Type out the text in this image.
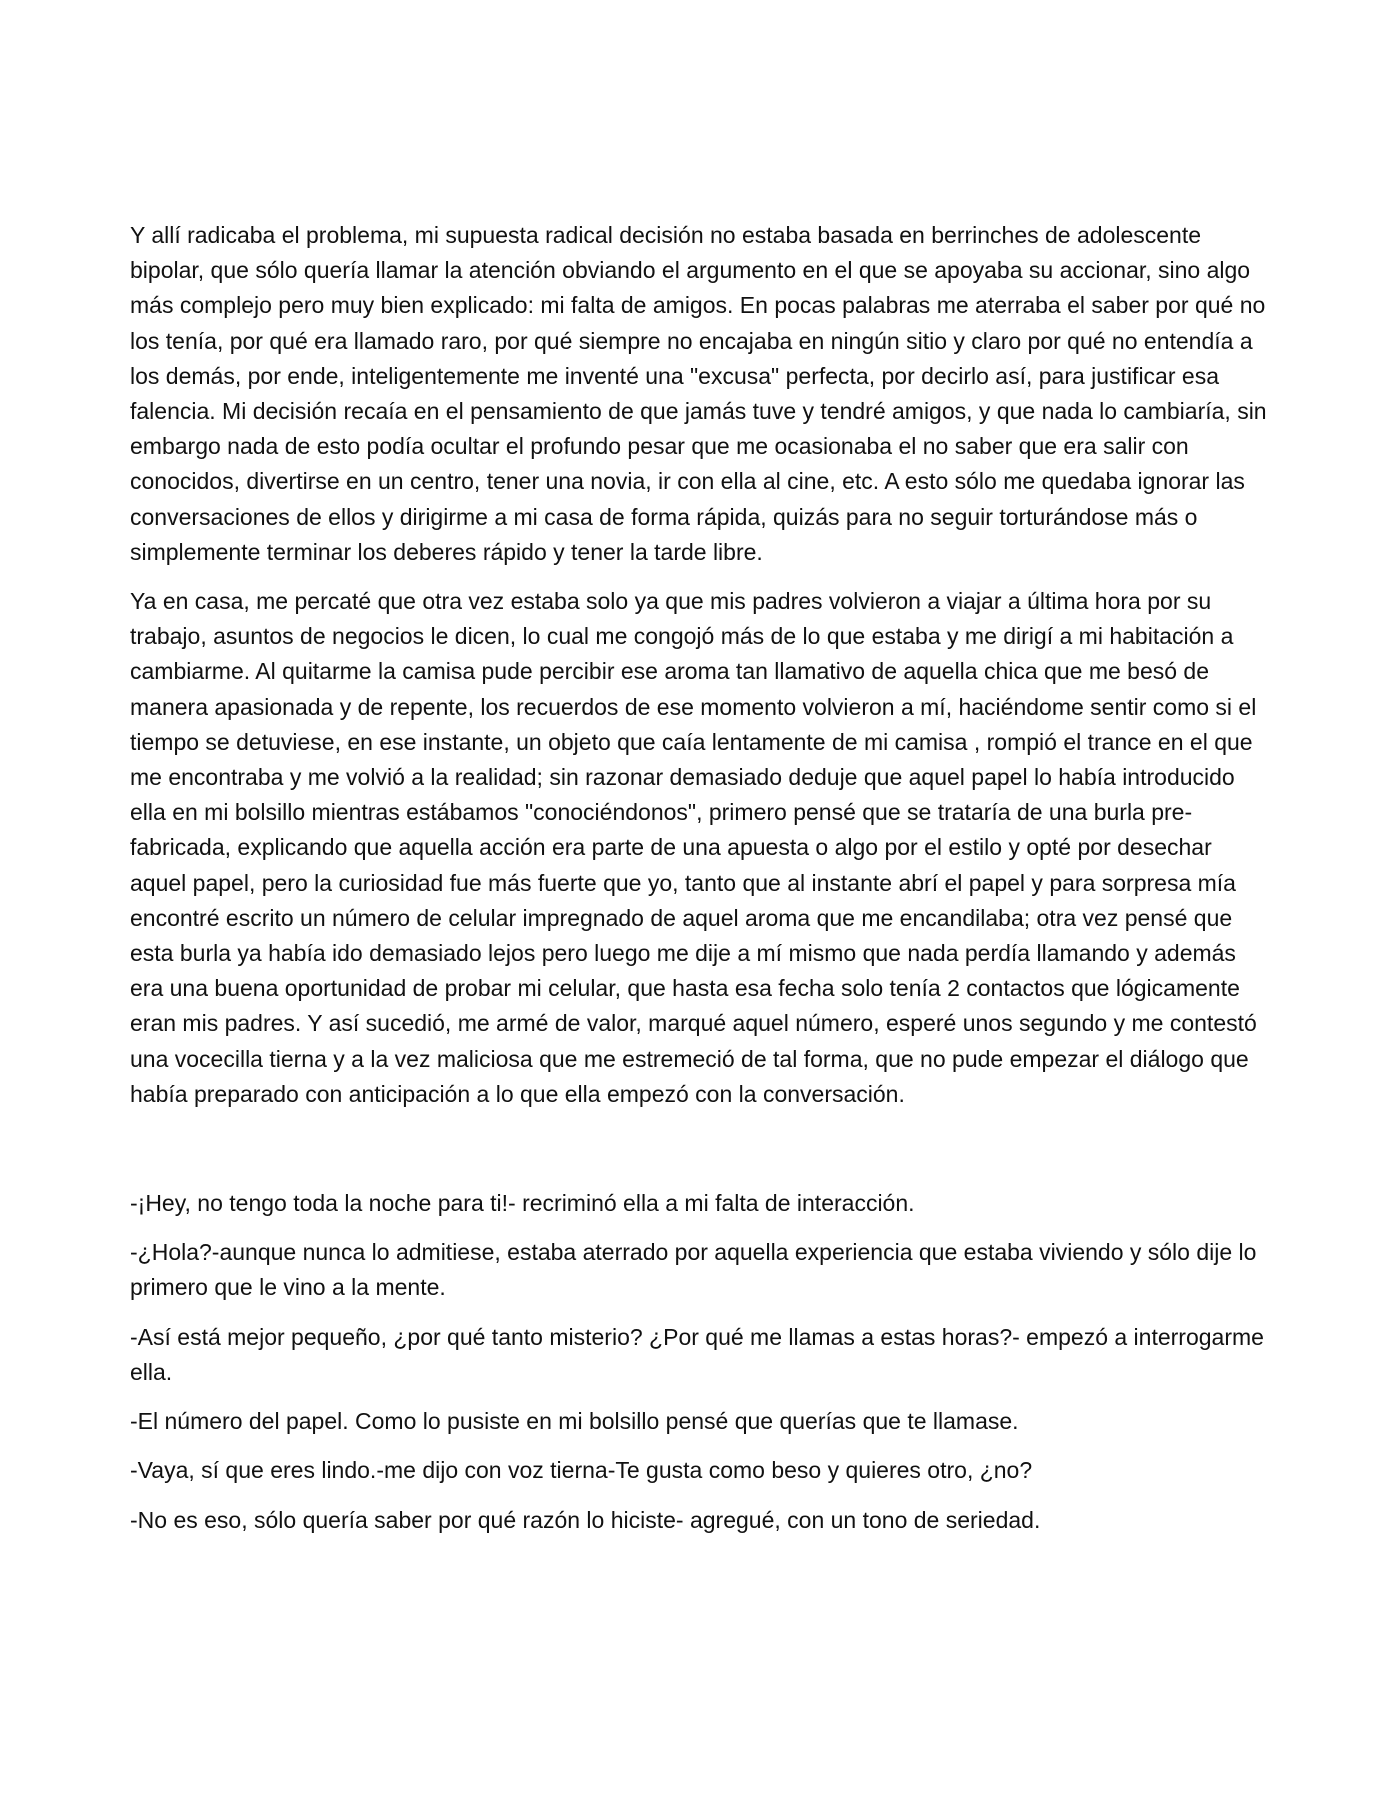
Y allí radicaba el problema, mi supuesta radical decisión no estaba basada en berrinches de adolescente bipolar, que sólo quería llamar la atención obviando el argumento en el que se apoyaba su accionar, sino algo más complejo pero muy bien explicado: mi falta de amigos. En pocas palabras me aterraba el saber por qué no los tenía, por qué era llamado raro, por qué siempre no encajaba en ningún sitio y claro por qué no entendía a los demás, por ende, inteligentemente me inventé una "excusa" perfecta, por decirlo así, para justificar esa falencia. Mi decisión recaía en el pensamiento de que jamás tuve y tendré amigos, y que nada lo cambiaría, sin embargo nada de esto podía ocultar el profundo pesar que me ocasionaba el no saber que era salir con conocidos, divertirse en un centro, tener una novia, ir con ella al cine, etc. A esto sólo me quedaba ignorar las conversaciones de ellos y dirigirme a mi casa de forma rápida, quizás para no seguir torturándose más o simplemente terminar los deberes rápido y tener la tarde libre.

Ya en casa, me percaté que otra vez estaba solo ya que mis padres volvieron a viajar a última hora por su trabajo, asuntos de negocios le dicen, lo cual me congojó más de lo que estaba y me dirigí a mi habitación a cambiarme. Al quitarme la camisa pude percibir ese aroma tan llamativo de aquella chica que me besó de manera apasionada y de repente, los recuerdos de ese momento volvieron a mí, haciéndome sentir como si el tiempo se detuviese, en ese instante, un objeto que caía lentamente de mi camisa , rompió el trance en el que me encontraba y me volvió a la realidad; sin razonar demasiado deduje que aquel papel lo había introducido ella en mi bolsillo mientras estábamos "conociéndonos", primero pensé que se trataría de una burla pre-fabricada, explicando que aquella acción era parte de una apuesta o algo por el estilo y opté por desechar aquel papel, pero la curiosidad fue más fuerte que yo, tanto que al instante abrí el papel y para sorpresa mía encontré escrito un número de celular impregnado de aquel aroma que me encandilaba; otra vez pensé que esta burla ya había ido demasiado lejos pero luego me dije a mí mismo que nada perdía llamando y además era una buena oportunidad de probar mi celular, que hasta esa fecha solo tenía 2 contactos que lógicamente eran mis padres. Y así sucedió, me armé de valor, marqué aquel número, esperé unos segundo y me contestó una vocecilla tierna y a la vez maliciosa que me estremeció de tal forma, que no pude empezar el diálogo que había preparado con anticipación a lo que ella empezó con la conversación.

-¡Hey, no tengo toda la noche para ti!- recriminó ella a mi falta de interacción.

-¿Hola?-aunque nunca lo admitiese, estaba aterrado por aquella experiencia que estaba viviendo y sólo dije lo primero que le vino a la mente.

-Así está mejor pequeño, ¿por qué tanto misterio? ¿Por qué me llamas a estas horas?- empezó a interrogarme ella.

-El número del papel. Como lo pusiste en mi bolsillo pensé que querías que te llamase.

-Vaya, sí que eres lindo.-me dijo con voz tierna-Te gusta como beso y quieres otro, ¿no?

-No es eso, sólo quería saber por qué razón lo hiciste- agregué, con un tono de seriedad.
